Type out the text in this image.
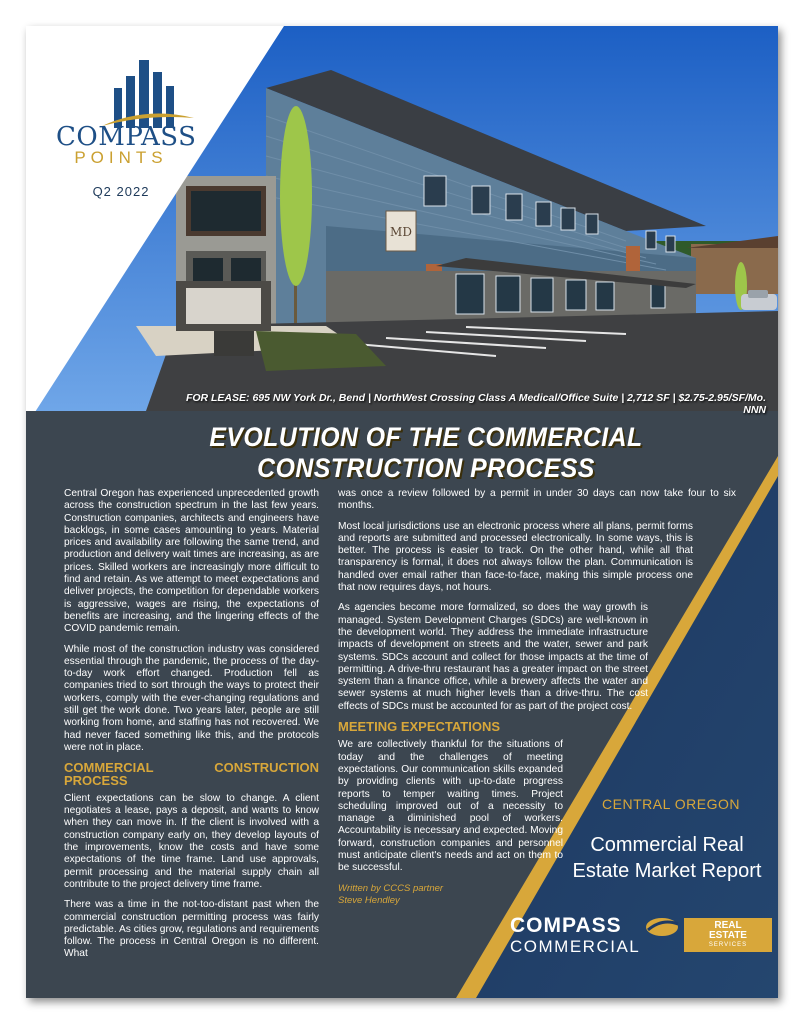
MD
COMPASS
POINTS
Q2 2022
FOR LEASE: 695 NW York Dr., Bend | NorthWest Crossing Class A Medical/Office Suite | 2,712 SF | $2.75-2.95/SF/Mo. NNN
EVOLUTION OF THE COMMERCIAL CONSTRUCTION PROCESS

Central Oregon has experienced unprecedented growth across the construction spectrum in the last few years. Construction companies, architects and engineers have backlogs, in some cases amounting to years. Material prices and availability are following the same trend, and production and delivery wait times are increasing, as are prices. Skilled workers are increasingly more difficult to find and retain. As we attempt to meet expectations and deliver projects, the competition for dependable workers is aggressive, wages are rising, the expectations of benefits are increasing, and the lingering effects of the COVID pandemic remain.

While most of the construction industry was considered essential through the pandemic, the process of the day-to-day work effort changed. Production fell as companies tried to sort through the ways to protect their workers, comply with the ever-changing regulations and still get the work done. Two years later, people are still working from home, and staffing has not recovered. We had never faced something like this, and the protocols were not in place.

COMMERCIAL CONSTRUCTION PROCESS

Client expectations can be slow to change. A client negotiates a lease, pays a deposit, and wants to know when they can move in. If the client is involved with a construction company early on, they develop layouts of the improvements, know the costs and have some expectations of the time frame. Land use approvals, permit processing and the material supply chain all contribute to the project delivery time frame.

There was a time in the not-too-distant past when the commercial construction permitting process was fairly predictable. As cities grow, regulations and requirements follow. The process in Central Oregon is no different. What

was once a review followed by a permit in under 30 days can now take four to six months.

Most local jurisdictions use an electronic process where all plans, permit forms and reports are submitted and processed electronically. In some ways, this is better. The process is easier to track. On the other hand, while all that transparency is formal, it does not always follow the plan. Communication is handled over email rather than face-to-face, making this simple process one that now requires days, not hours.

As agencies become more formalized, so does the way growth is managed. System Development Charges (SDCs) are well-known in the development world. They address the immediate infrastructure impacts of development on streets and the water, sewer and park systems. SDCs account and collect for those impacts at the time of permitting. A drive-thru restaurant has a greater impact on the street system than a finance office, while a brewery affects the water and sewer systems at much higher levels than a drive-thru. The cost effects of SDCs must be accounted for as part of the project cost.

MEETING EXPECTATIONS

We are collectively thankful for the situations of today and the challenges of meeting expectations. Our communication skills expanded by providing clients with up-to-date progress reports to temper waiting times. Project scheduling improved out of a necessity to manage a diminished pool of workers. Accountability is necessary and expected. Moving forward, construction companies and personnel must anticipate client's needs and act on them to be successful.

Written by CCCS partner
Steve Hendley
CENTRAL OREGON
Commercial Real
Estate Market Report
COMPASS
COMMERCIAL
REAL
ESTATE
SERVICES
